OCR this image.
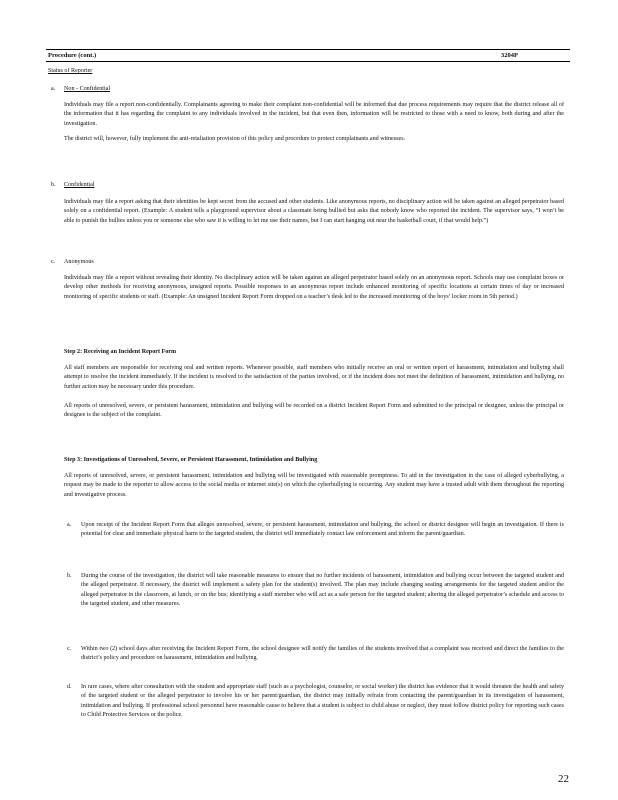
Procedure (cont.)	3204P
Status of Reporter
a. Non - Confidential

Individuals may file a report non-confidentially. Complainants agreeing to make their complaint non-confidential will be informed that due process requirements may require that the district release all of the information that it has regarding the complaint to any individuals involved in the incident, but that even then, information will be restricted to those with a need to know, both during and after the investigation.

The district will, however, fully implement the anti-retaliation provision of this policy and procedure to protect complainants and witnesses.

b. Confidential

Individuals may file a report asking that their identities be kept secret from the accused and other students. Like anonymous reports, no disciplinary action will be taken against an alleged perpetrator based solely on a confidential report. (Example: A student tells a playground supervisor about a classmate being bullied but asks that nobody know who reported the incident. The supervisor says, “I won’t be able to punish the bullies unless you or someone else who saw it is willing to let me use their names, but I can start hanging out near the basketball court, if that would help.”)

c. Anonymous

Individuals may file a report without revealing their identity. No disciplinary action will be taken against an alleged perpetrator based solely on an anonymous report. Schools may use complaint boxes or develop other methods for receiving anonymous, unsigned reports. Possible responses to an anonymous report include enhanced monitoring of specific locations at certain times of day or increased monitoring of specific students or staff. (Example: An unsigned Incident Report Form dropped on a teacher’s desk led to the increased monitoring of the boys’ locker room in 5th period.)

Step 2: Receiving an Incident Report Form

All staff members are responsible for receiving oral and written reports. Whenever possible, staff members who initially receive an oral or written report of harassment, intimidation and bullying shall attempt to resolve the incident immediately. If the incident is resolved to the satisfaction of the parties involved, or if the incident does not meet the definition of harassment, intimidation and bullying, no further action may be necessary under this procedure.

All reports of unresolved, severe, or persistent harassment, intimidation and bullying will be recorded on a district Incident Report Form and submitted to the principal or designee, unless the principal or designee is the subject of the complaint.

Step 3: Investigations of Unresolved, Severe, or Persistent Harassment, Intimidation and Bullying
All reports of unresolved, severe, or persistent harassment, intimidation and bullying will be investigated with reasonable promptness. To aid in the investigation in the case of alleged cyberbullying, a request may be made to the reporter to allow access to the social media or internet site(s) on which the cyberbullying is occurring. Any student may have a trusted adult with them throughout the reporting and investigative process.
a. Upon receipt of the Incident Report Form that alleges unresolved, severe, or persistent harassment, intimidation and bullying, the school or district designee will begin an investigation. If there is potential for clear and immediate physical harm to the targeted student, the district will immediately contact law enforcement and inform the parent/guardian.
b. During the course of the investigation, the district will take reasonable measures to ensure that no further incidents of harassment, intimidation and bullying occur between the targeted student and the alleged perpetrator. If necessary, the district will implement a safety plan for the student(s) involved. The plan may include changing seating arrangements for the targeted student and/or the alleged perpetrator in the classroom, at lunch, or on the bus; identifying a staff member who will act as a safe person for the targeted student; altering the alleged perpetrator’s schedule and access to the targeted student, and other measures.
c. Within two (2) school days after receiving the Incident Report Form, the school designee will notify the families of the students involved that a complaint was received and direct the families to the district’s policy and procedure on harassment, intimidation and bullying.
d. In rare cases, where after consultation with the student and appropriate staff (such as a psychologist, counselor, or social worker) the district has evidence that it would threaten the health and safety of the targeted student or the alleged perpetrator to involve his or her parent/guardian, the district may initially refrain from contacting the parent/guardian in its investigation of harassment, intimidation and bullying. If professional school personnel have reasonable cause to believe that a student is subject to child abuse or neglect, they must follow district policy for reporting such cases to Child Protective Services or the police.
22
